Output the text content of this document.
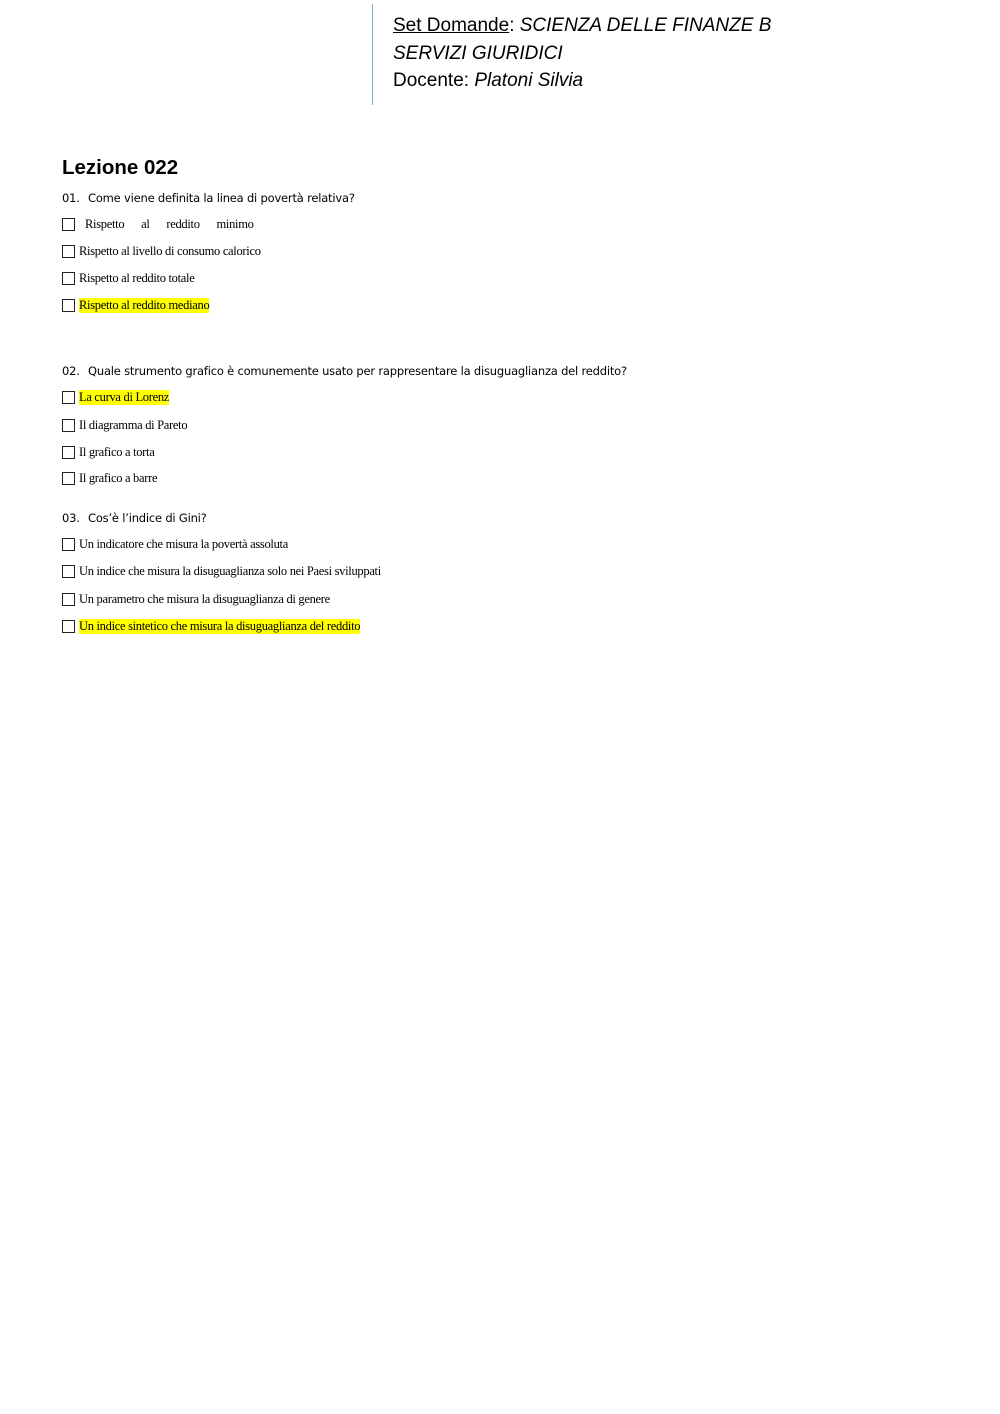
Set Domande: SCIENZA DELLE FINANZE B
SERVIZI GIURIDICI
Docente: Platoni Silvia
Lezione 022
01. Come viene definita la linea di povertà relativa?
Rispetto al reddito minimo
Rispetto al livello di consumo calorico
Rispetto al reddito totale
Rispetto al reddito mediano
02. Quale strumento grafico è comunemente usato per rappresentare la disuguaglianza del reddito?
La curva di Lorenz
Il diagramma di Pareto
Il grafico a torta
Il grafico a barre
03. Cos’è l’indice di Gini?
Un indicatore che misura la povertà assoluta
Un indice che misura la disuguaglianza solo nei Paesi sviluppati
Un parametro che misura la disuguaglianza di genere
Un indice sintetico che misura la disuguaglianza del reddito
